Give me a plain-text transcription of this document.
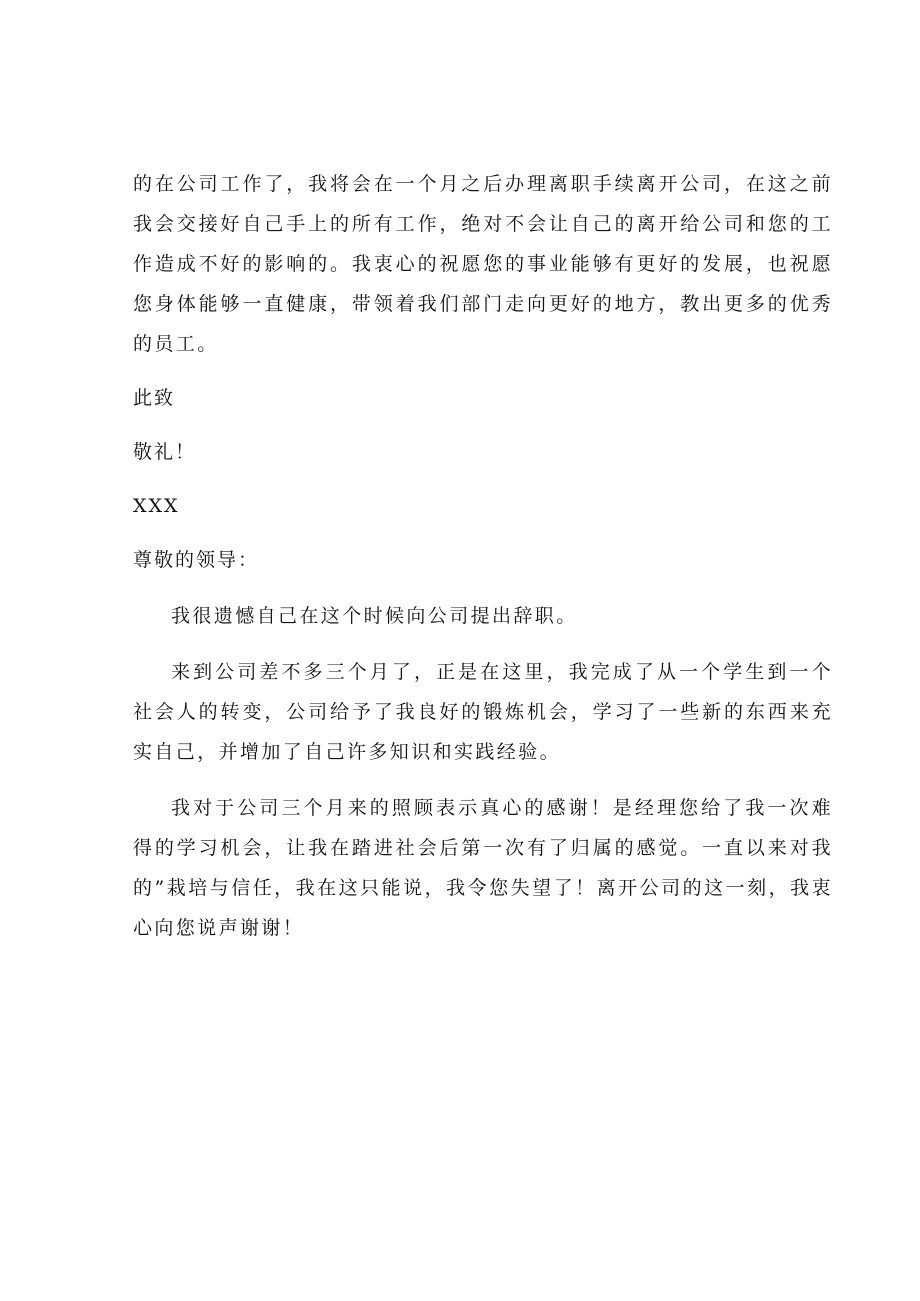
的在公司工作了，我将会在一个月之后办理离职手续离开公司，在这之前我会交接好自己手上的所有工作，绝对不会让自己的离开给公司和您的工作造成不好的影响的。我衷心的祝愿您的事业能够有更好的发展，也祝愿您身体能够一直健康，带领着我们部门走向更好的地方，教出更多的优秀的员工。

此致

敬礼！

XXX

尊敬的领导：

我很遗憾自己在这个时候向公司提出辞职。

来到公司差不多三个月了，正是在这里，我完成了从一个学生到一个社会人的转变，公司给予了我良好的锻炼机会，学习了一些新的东西来充实自己，并增加了自己许多知识和实践经验。

我对于公司三个月来的照顾表示真心的感谢！是经理您给了我一次难得的学习机会，让我在踏进社会后第一次有了归属的感觉。一直以来对我的”栽培与信任，我在这只能说，我令您失望了！离开公司的这一刻，我衷心向您说声谢谢！
